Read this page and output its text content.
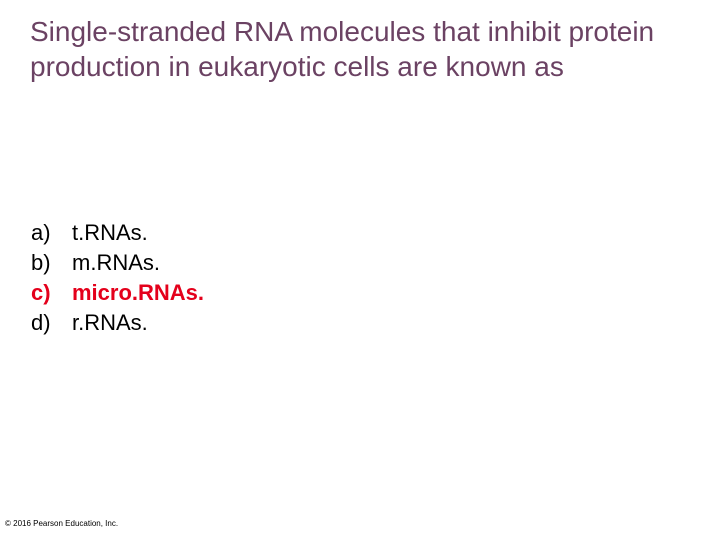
Single-stranded RNA molecules that inhibit protein production in eukaryotic cells are known as
a) t.RNAs.
b) m.RNAs.
c) micro.RNAs.
d) r.RNAs.
© 2016 Pearson Education, Inc.
